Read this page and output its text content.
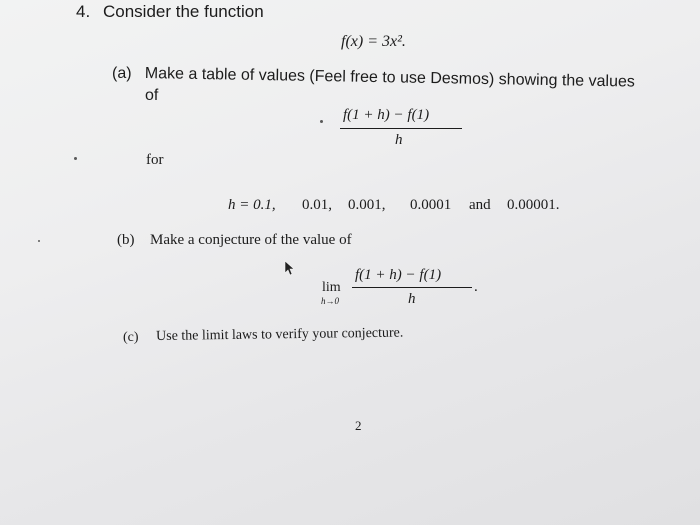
4. Consider the function
f(x) = 3x².
(a) Make a table of values (Feel free to use Desmos) showing the values
of
f(1 + h) − f(1)
h
for
h = 0.1, 0.01, 0.001, 0.0001 and 0.00001.
(b) Make a conjecture of the value of
lim
h→0
f(1 + h) − f(1)
h
.
(c) Use the limit laws to verify your conjecture.
2
